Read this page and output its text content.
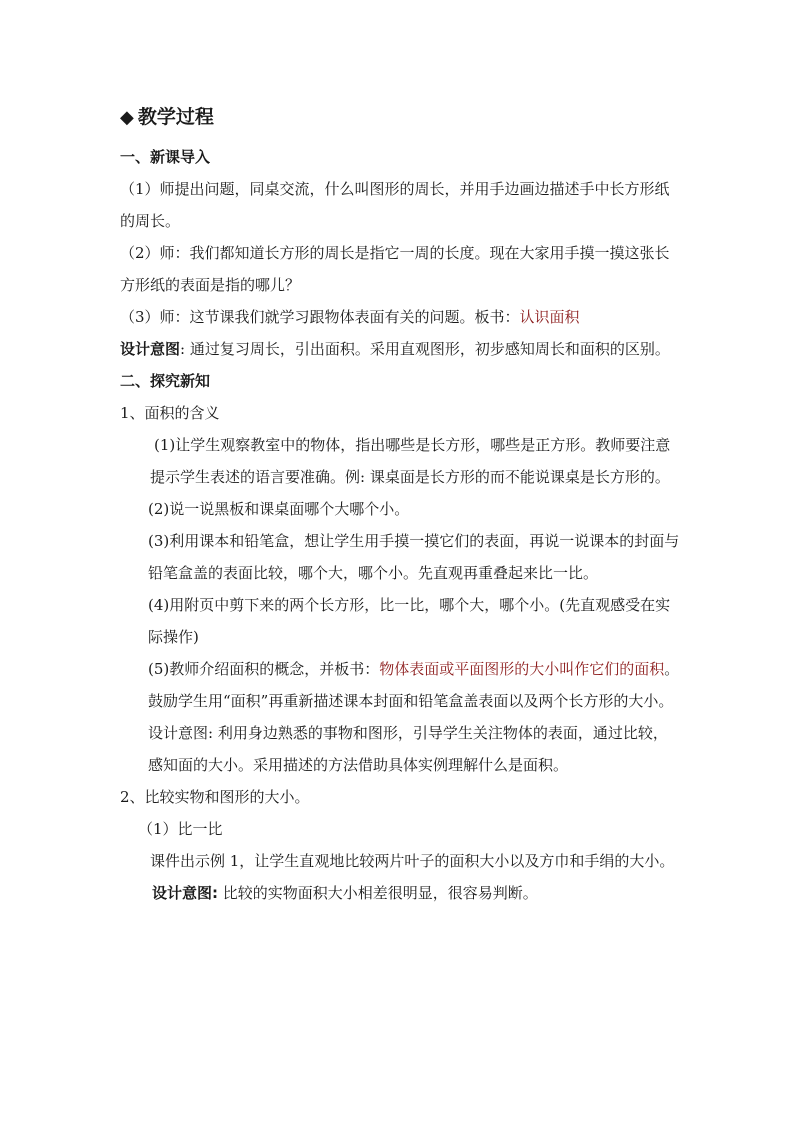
◆ 教学过程
一、新课导入

（1）师提出问题，同桌交流，什么叫图形的周长，并用手边画边描述手中长方形纸的周长。

（2）师：我们都知道长方形的周长是指它一周的长度。现在大家用手摸一摸这张长方形纸的表面是指的哪儿？

（3）师：这节课我们就学习跟物体表面有关的问题。板书：认识面积

设计意图: 通过复习周长，引出面积。采用直观图形，初步感知周长和面积的区别。

二、探究新知

1、面积的含义

(1)让学生观察教室中的物体，指出哪些是长方形，哪些是正方形。教师要注意提示学生表述的语言要准确。例: 课桌面是长方形的而不能说课桌是长方形的。

(2)说一说黑板和课桌面哪个大哪个小。

(3)利用课本和铅笔盒，想让学生用手摸一摸它们的表面，再说一说课本的封面与铅笔盒盖的表面比较，哪个大，哪个小。先直观再重叠起来比一比。

(4)用附页中剪下来的两个长方形，比一比，哪个大，哪个小。(先直观感受在实际操作)

(5)教师介绍面积的概念，并板书：物体表面或平面图形的大小叫作它们的面积。鼓励学生用“面积”再重新描述课本封面和铅笔盒盖表面以及两个长方形的大小。

设计意图: 利用身边熟悉的事物和图形，引导学生关注物体的表面，通过比较，感知面的大小。采用描述的方法借助具体实例理解什么是面积。

2、比较实物和图形的大小。

（1）比一比

课件出示例 1，让学生直观地比较两片叶子的面积大小以及方巾和手绢的大小。

设计意图: 比较的实物面积大小相差很明显，很容易判断。
